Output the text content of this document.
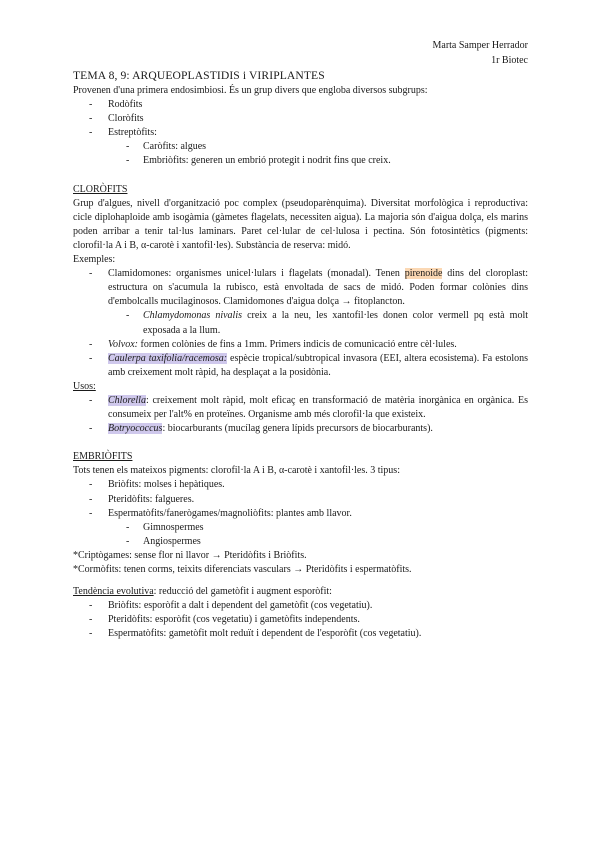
Marta Samper Herrador
1r Biotec
TEMA 8, 9: ARQUEOPLASTIDIS i VIRIPLANTES

Provenen d'una primera endosimbiosi. És un grup divers que engloba diversos subgrups:

- Rodòfits
- Cloròfits
- Estreptòfits:
- Caròfits: algues
- Embriòfits: generen un embrió protegit i nodrit fins que creix.

CLORÒFITS

Grup d'algues, nivell d'organització poc complex (pseudoparènquima). Diversitat morfològica i reproductiva: cicle diplohaploide amb isogàmia (gàmetes flagelats, necessiten aigua). La majoria són d'aigua dolça, els marins poden arribar a tenir tal·lus laminars. Paret cel·lular de cel·lulosa i pectina. Són fotosintètics (pigments: clorofil·la A i B, α-carotè i xantofil·les). Substància de reserva: midó.

Exemples:

- Clamidomones: organismes unicel·lulars i flagelats (monadal). Tenen pirenoide dins del cloroplast: estructura on s'acumula la rubisco, està envoltada de sacs de midó. Poden formar colònies dins d'embolcalls mucilaginosos. Clamidomones d'aigua dolça → fitoplancton.
- Chlamydomonas nivalis creix a la neu, les xantofil·les donen color vermell pq està molt exposada a la llum.
- Volvox: formen colònies de fins a 1mm. Primers indicis de comunicació entre cèl·lules.
- Caulerpa taxifolia/racemosa: espècie tropical/subtropical invasora (EEI, altera ecosistema). Fa estolons amb creixement molt ràpid, ha desplaçat a la posidònia.

Usos:

- Chlorella: creixement molt ràpid, molt eficaç en transformació de matèria inorgànica en orgànica. Es consumeix per l'alt% en proteïnes. Organisme amb més clorofil·la que existeix.
- Botryococcus: biocarburants (mucílag genera lípids precursors de biocarburants).

EMBRIÒFITS

Tots tenen els mateixos pigments: clorofil·la A i B, α-carotè i xantofil·les. 3 tipus:

- Briòfits: molses i hepàtiques.
- Pteridòfits: falgueres.
- Espermatòfits/fanerògames/magnoliòfits: plantes amb llavor.
- Gimnospermes
- Angiospermes

*Criptògames: sense flor ni llavor → Pteridòfits i Briòfits.

*Cormòfits: tenen corms, teixits diferenciats vasculars → Pteridòfits i espermatòfits.

Tendència evolutiva: reducció del gametòfit i augment esporòfit:

- Briòfits: esporòfit a dalt i dependent del gametòfit (cos vegetatiu).
- Pteridòfits: esporòfit (cos vegetatiu) i gametòfits independents.
- Espermatòfits: gametòfit molt reduït i dependent de l'esporòfit (cos vegetatiu).
